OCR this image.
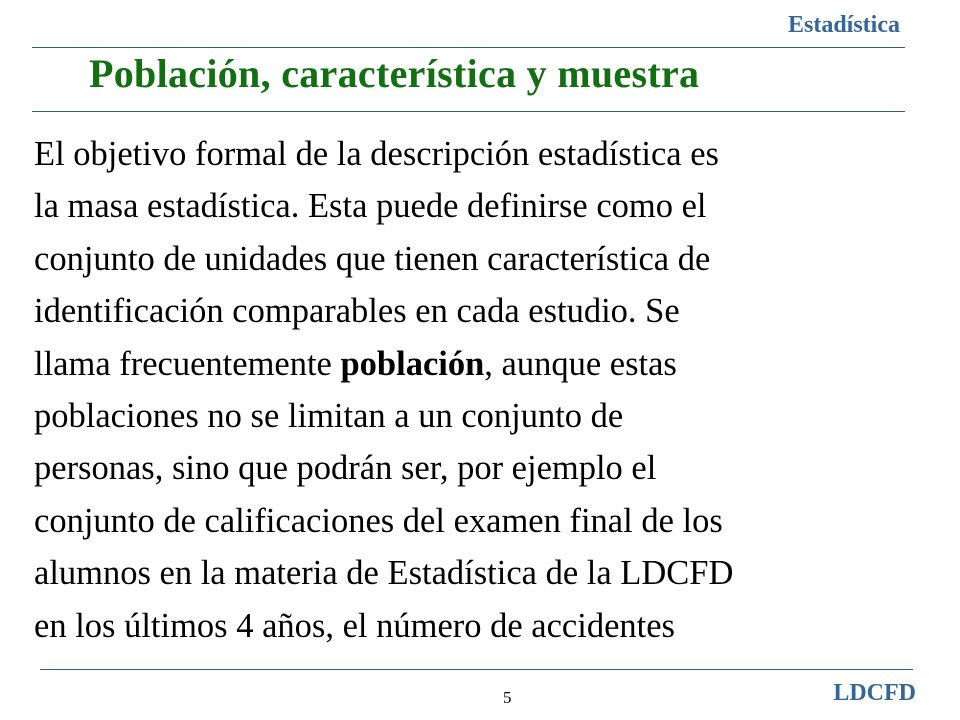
Estadística
Población, característica y muestra
El objetivo formal de la descripción estadística es
la masa estadística. Esta puede definirse como el
conjunto de unidades que tienen característica de
identificación comparables en cada estudio. Se
llama frecuentemente población, aunque estas
poblaciones no se limitan a un conjunto de
personas, sino que podrán ser, por ejemplo el
conjunto de calificaciones del examen final de los
alumnos en la materia de Estadística de la LDCFD
en los últimos 4 años, el número de accidentes
5	LDCFD
